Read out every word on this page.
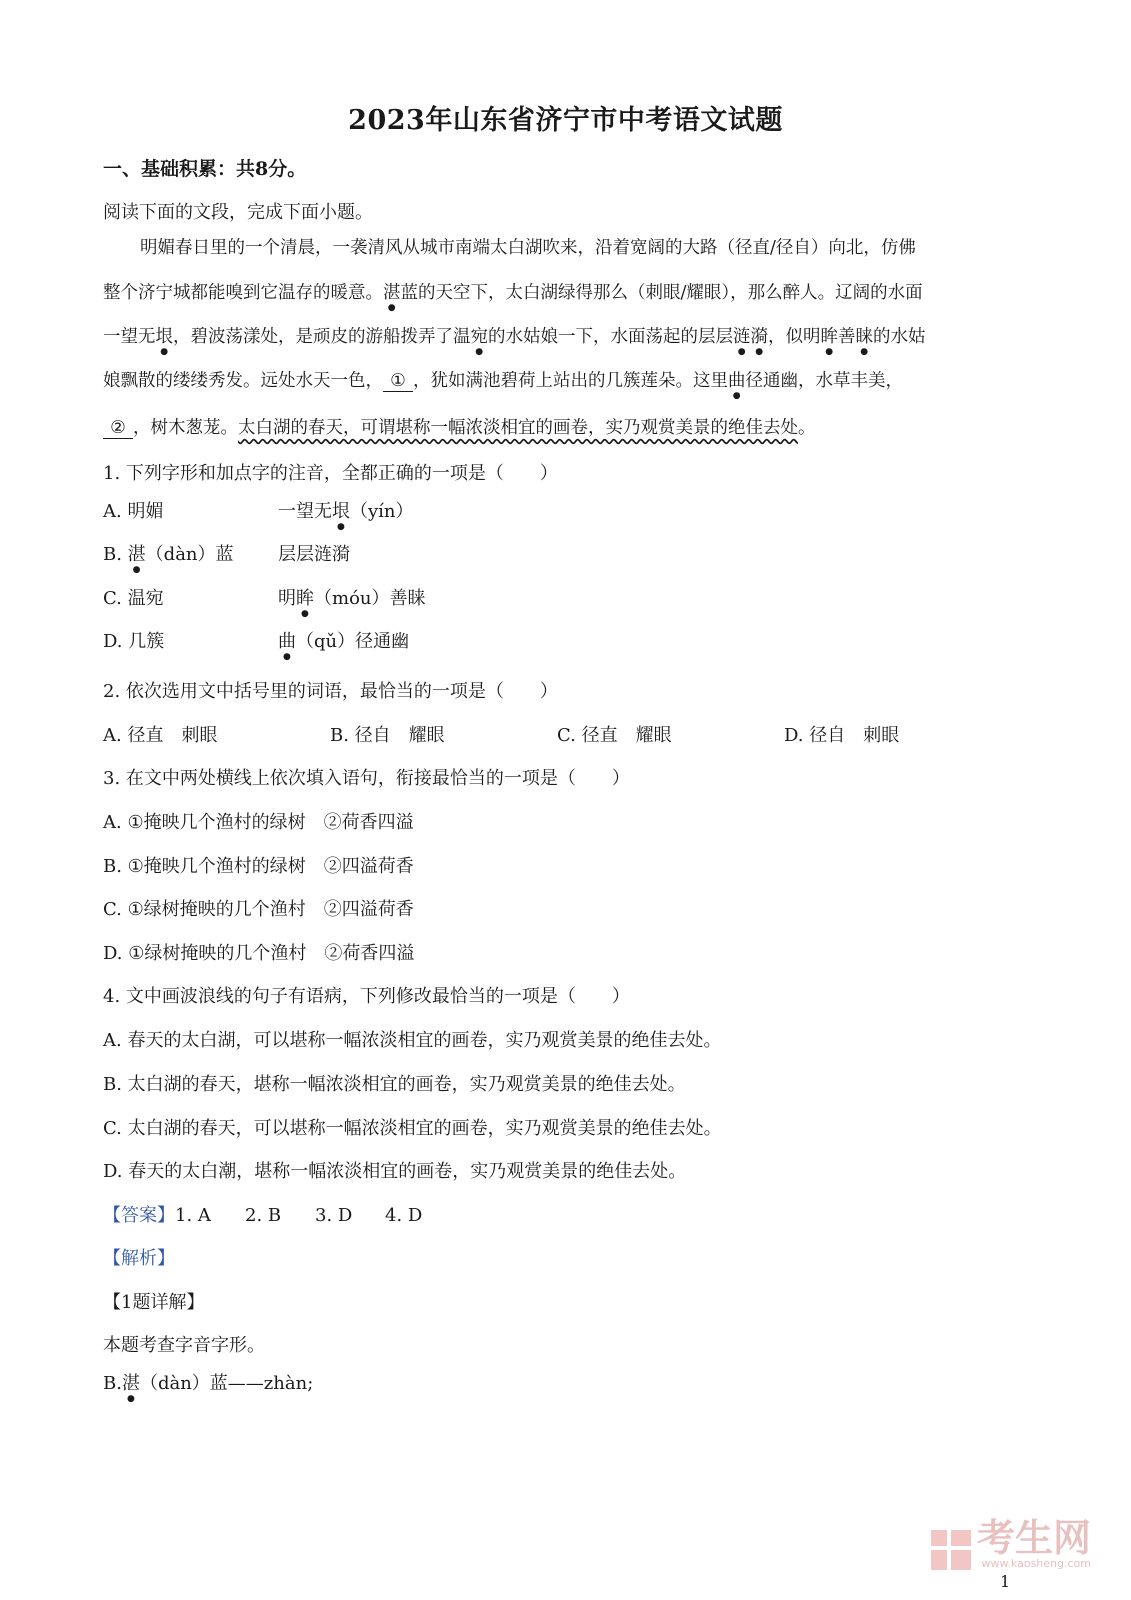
2023年山东省济宁市中考语文试题
一、基础积累：共8分。
阅读下面的文段，完成下面小题。
明媚春日里的一个清晨，一袭清风从城市南端太白湖吹来，沿着宽阔的大路（径直/径自）向北，仿佛
整个济宁城都能嗅到它温存的暖意。湛蓝的天空下，太白湖绿得那么（刺眼/耀眼），那么醉人。辽阔的水面
一望无垠，碧波荡漾处，是顽皮的游船拨弄了温宛的水姑娘一下，水面荡起的层层涟漪，似明眸善睐的水姑
娘飘散的缕缕秀发。远处水天一色， ① ，犹如满池碧荷上站出的几簇莲朵。这里曲径通幽，水草丰美，
② ，树木葱茏。太白湖的春天，可谓堪称一幅浓淡相宜的画卷，实乃观赏美景的绝佳去处。
1. 下列字形和加点字的注音，全都正确的一项是（　　）
A. 明媚	一望无垠（yín）
B. 湛（dàn）蓝 层层涟漪
C. 温宛	明眸（móu）善睐
D. 几簇	曲（qǔ）径通幽
2. 依次选用文中括号里的词语，最恰当的一项是（　　）
A. 径直　刺眼	B. 径自　耀眼	C. 径直　耀眼	D. 径自　刺眼
3. 在文中两处横线上依次填入语句，衔接最恰当的一项是（　　）
A. ①掩映几个渔村的绿树　②荷香四溢
B. ①掩映几个渔村的绿树　②四溢荷香
C. ①绿树掩映的几个渔村　②四溢荷香
D. ①绿树掩映的几个渔村　②荷香四溢
4. 文中画波浪线的句子有语病，下列修改最恰当的一项是（　　）
A. 春天的太白湖，可以堪称一幅浓淡相宜的画卷，实乃观赏美景的绝佳去处。
B. 太白湖的春天，堪称一幅浓淡相宜的画卷，实乃观赏美景的绝佳去处。
C. 太白湖的春天，可以堪称一幅浓淡相宜的画卷，实乃观赏美景的绝佳去处。
D. 春天的太白潮，堪称一幅浓淡相宜的画卷，实乃观赏美景的绝佳去处。
【答案】1. A 2. B 3. D 4. D
【解析】
【1题详解】
本题考查字音字形。
B.湛（dàn）蓝——zhàn;
考生网
www.kaosheng.com
1
